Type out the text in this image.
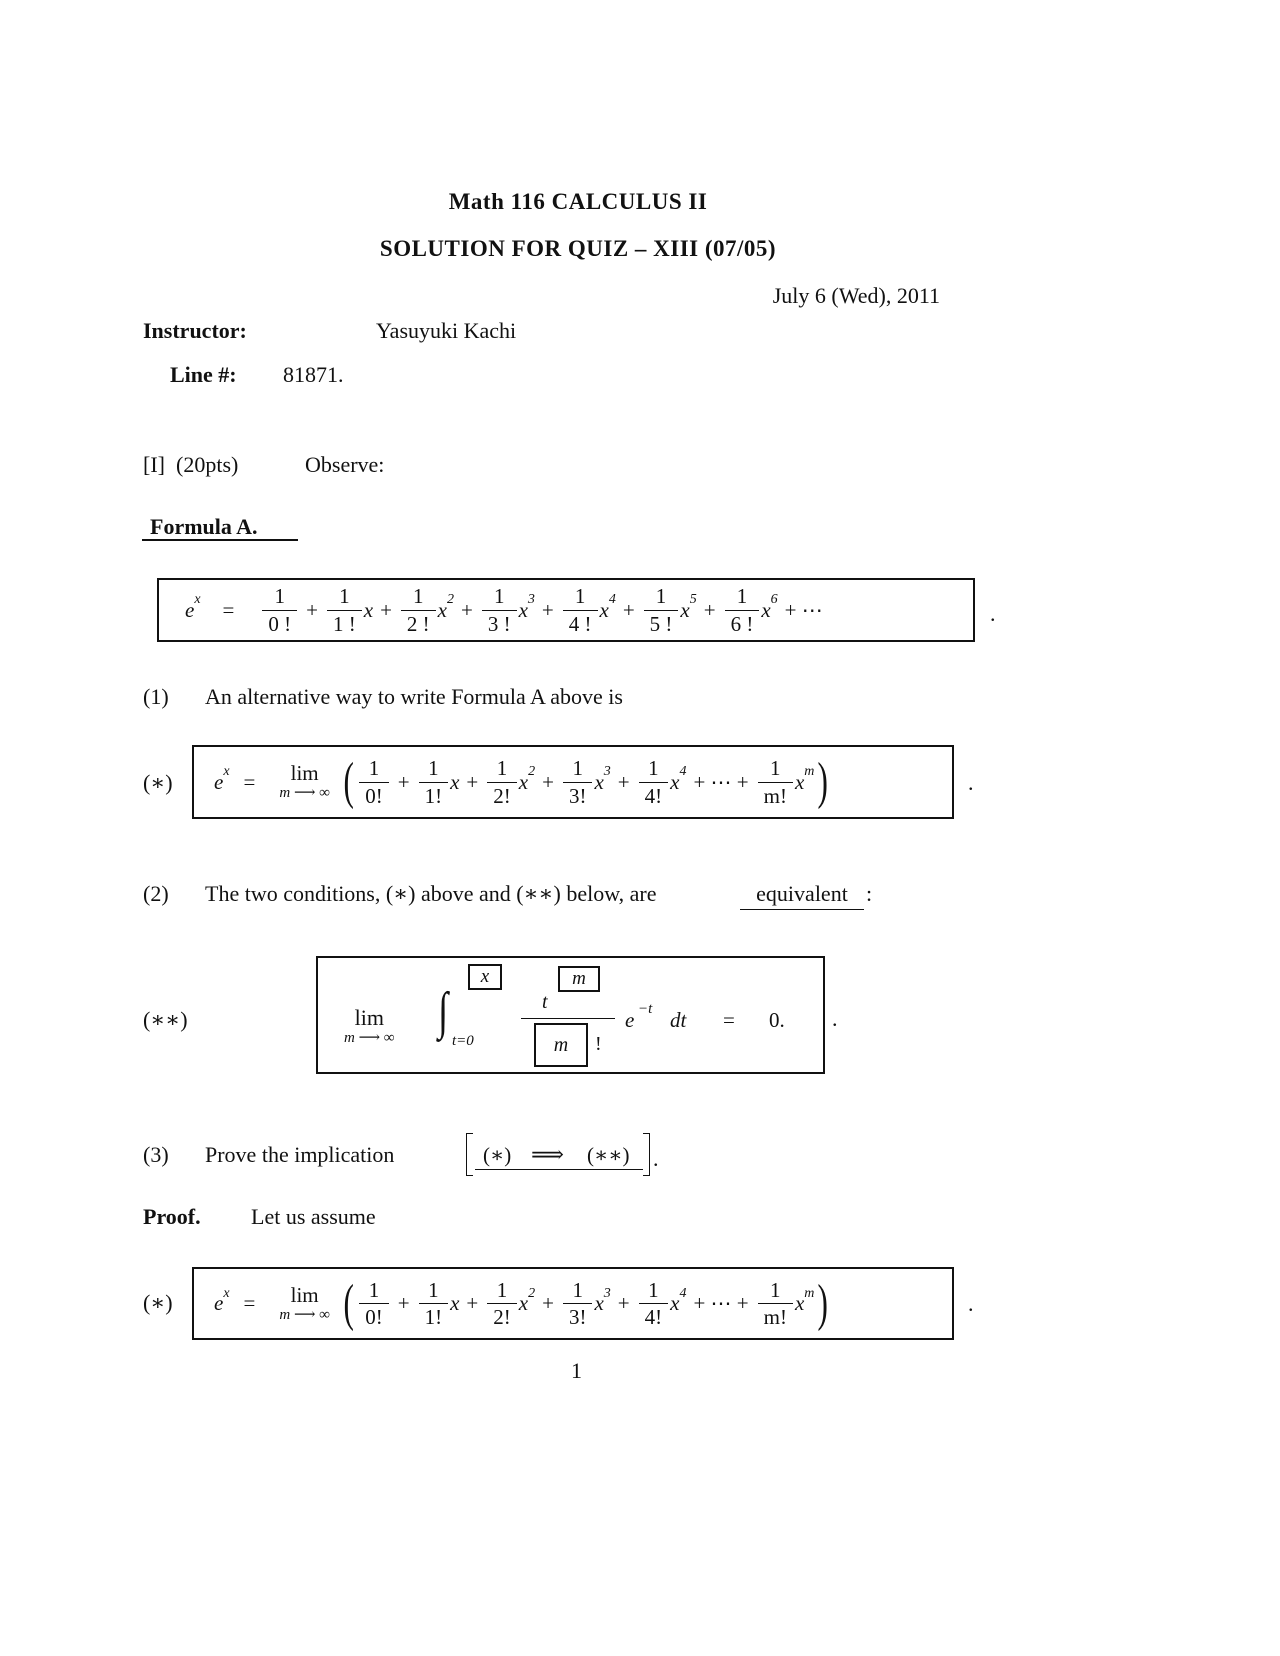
Math 116 CALCULUS II
SOLUTION FOR QUIZ – XIII (07/05)
July 6 (Wed), 2011
Instructor:	Yasuyuki Kachi
Line #: 81871.
[I] (20pts)	Observe:
Formula A.
$e^x = \frac{1}{0 !} + \frac{1}{1 !}$ $x + \frac{1}{2 !} x^2 + \frac{1}{3 !} x^3 + \frac{1}{4 !} x^4 + \frac{1}{5 !} x^5 + \frac{1}{6 !} x^6$ + ⋯	.
(1) An alternative way to write Formula A above is
(∗) $e^x = \lim$
m ⟶ ∞ ( $\frac{1}{0!} + \frac{1}{1!}$ $x + \frac{1}{2!} x^2 + \frac{1}{3!} x^3 + \frac{1}{4!} x^4$ + ⋯ + $\frac{1}{m!} x^m$ )	.
(2) The two conditions, (∗) above and (∗∗) below, are	equivalent :
(∗∗)	lim
m ⟶ ∞ ∫
t=0
x	m
t
m	!
e −t dt = 0. .
(3) Prove the implication	(∗) ⟹ (∗∗) .
Proof. Let us assume
(∗) $e^x = \lim$
m ⟶ ∞ ( $\frac{1}{0!} + \frac{1}{1!}$ $x + \frac{1}{2!} x^2 + \frac{1}{3!} x^3 + \frac{1}{4!} x^4$ + ⋯ + $\frac{1}{m!} x^m$ )	.
1
